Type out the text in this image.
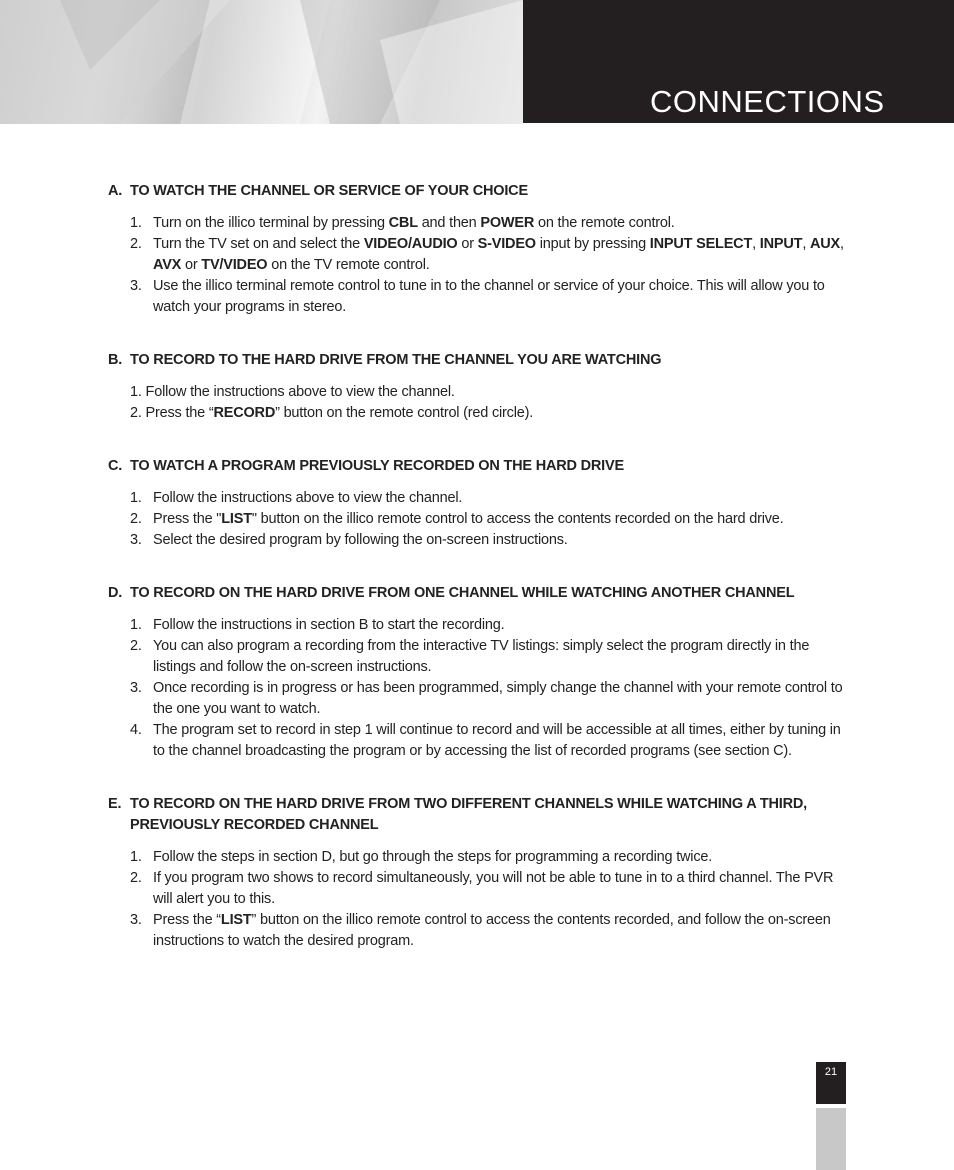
CONNECTIONS
A. TO WATCH THE CHANNEL OR SERVICE OF YOUR CHOICE
1. Turn on the illico terminal by pressing CBL and then POWER on the remote control.
2. Turn the TV set on and select the VIDEO/AUDIO or S-VIDEO input by pressing INPUT SELECT, INPUT, AUX, AVX or TV/VIDEO on the TV remote control.
3. Use the illico terminal remote control to tune in to the channel or service of your choice. This will allow you to watch your programs in stereo.
B. TO RECORD TO THE HARD DRIVE FROM THE CHANNEL YOU ARE WATCHING
1. Follow the instructions above to view the channel.
2. Press the “RECORD” button on the remote control (red circle).
C. TO WATCH A PROGRAM PREVIOUSLY RECORDED ON THE HARD DRIVE
1. Follow the instructions above to view the channel.
2. Press the "LIST" button on the illico remote control to access the contents recorded on the hard drive.
3. Select the desired program by following the on-screen instructions.
D. TO RECORD ON THE HARD DRIVE FROM ONE CHANNEL WHILE WATCHING ANOTHER CHANNEL
1. Follow the instructions in section B to start the recording.
2. You can also program a recording from the interactive TV listings: simply select the program directly in the listings and follow the on-screen instructions.
3. Once recording is in progress or has been programmed, simply change the channel with your remote control to the one you want to watch.
4. The program set to record in step 1 will continue to record and will be accessible at all times, either by tuning in
to the channel broadcasting the program or by accessing the list of recorded programs (see section C).
E. TO RECORD ON THE HARD DRIVE FROM TWO DIFFERENT CHANNELS WHILE WATCHING A THIRD, PREVIOUSLY RECORDED CHANNEL
1. Follow the steps in section D, but go through the steps for programming a recording twice.
2. If you program two shows to record simultaneously, you will not be able to tune in to a third channel. The PVR will alert you to this.
3. Press the “LIST” button on the illico remote control to access the contents recorded, and follow the on-screen instructions to watch the desired program.
21
